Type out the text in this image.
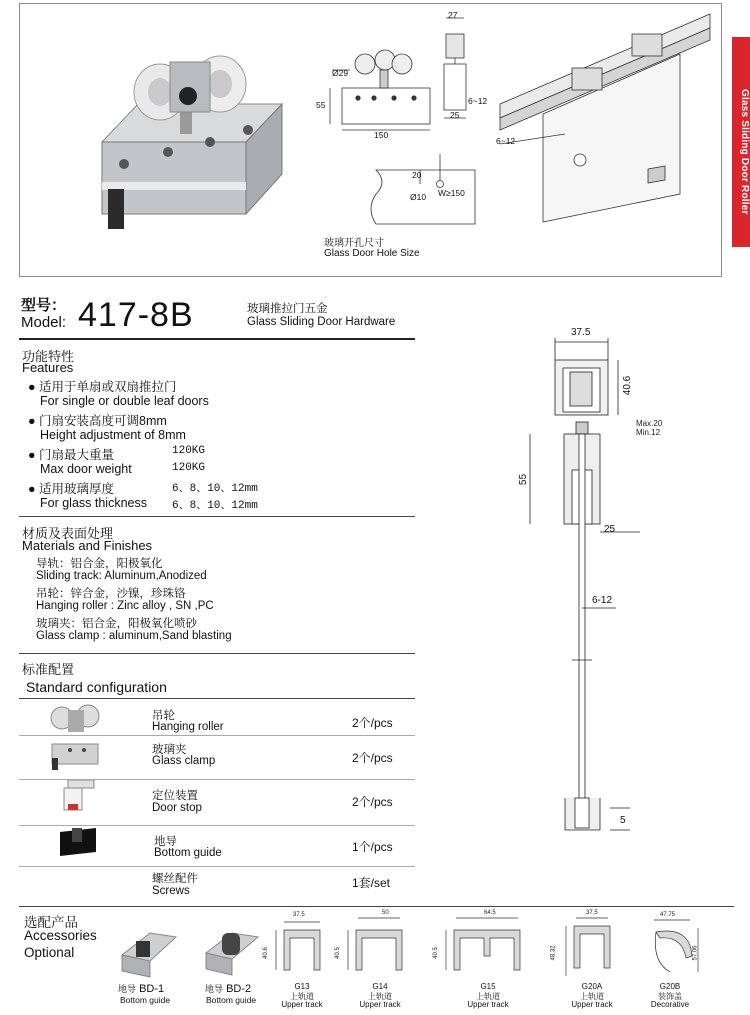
Ø29
27
55	6~12
25
150
6~12
20
Ø10 W≥150
玻璃开孔尺寸
Glass Door Hole Size
Glass Sliding Door Roller
型号：
Model: 417-8B	玻璃推拉门五金
Glass Sliding Door Hardware
功能特性
Features
● 适用于单扇或双扇推拉门
For single or double leaf doors
● 门扇安装高度可调8mm
Height adjustment of 8mm
● 门扇最大重量	120KG
Max door weight	120KG
● 适用玻璃厚度	6、8、10、12mm
For glass thickness 6、8、10、12mm
材质及表面处理
Materials and Finishes
导轨：铝合金，阳极氧化
Sliding track: Aluminum,Anodized
吊轮：锌合金，沙镍，珍珠铬
Hanging roller : Zinc alloy , SN ,PC
玻璃夹：铝合金，阳极氧化喷砂
Glass clamp : aluminum,Sand blasting
标准配置
Standard configuration
吊轮
Hanging roller	2个/pcs
玻璃夹
Glass clamp	2个/pcs
定位装置
Door stop	2个/pcs
地导
Bottom guide	1个/pcs
螺丝配件
Screws
1套/set
37.5
40.6
Max.20
Min.12
55
25
6-12
5
选配产品
Accessories
Optional
地导 BD-1
Bottom guide
地导 BD-2
Bottom guide
37.5
40.6
50
40.5
64.5
40.5
37.5
48.32
47.75
57.06
G13
上轨道
Upper track
G14
上轨道
Upper track
G15
上轨道
Upper track
G20A
上轨道
Upper track
G20B
装饰盖
Decorative
